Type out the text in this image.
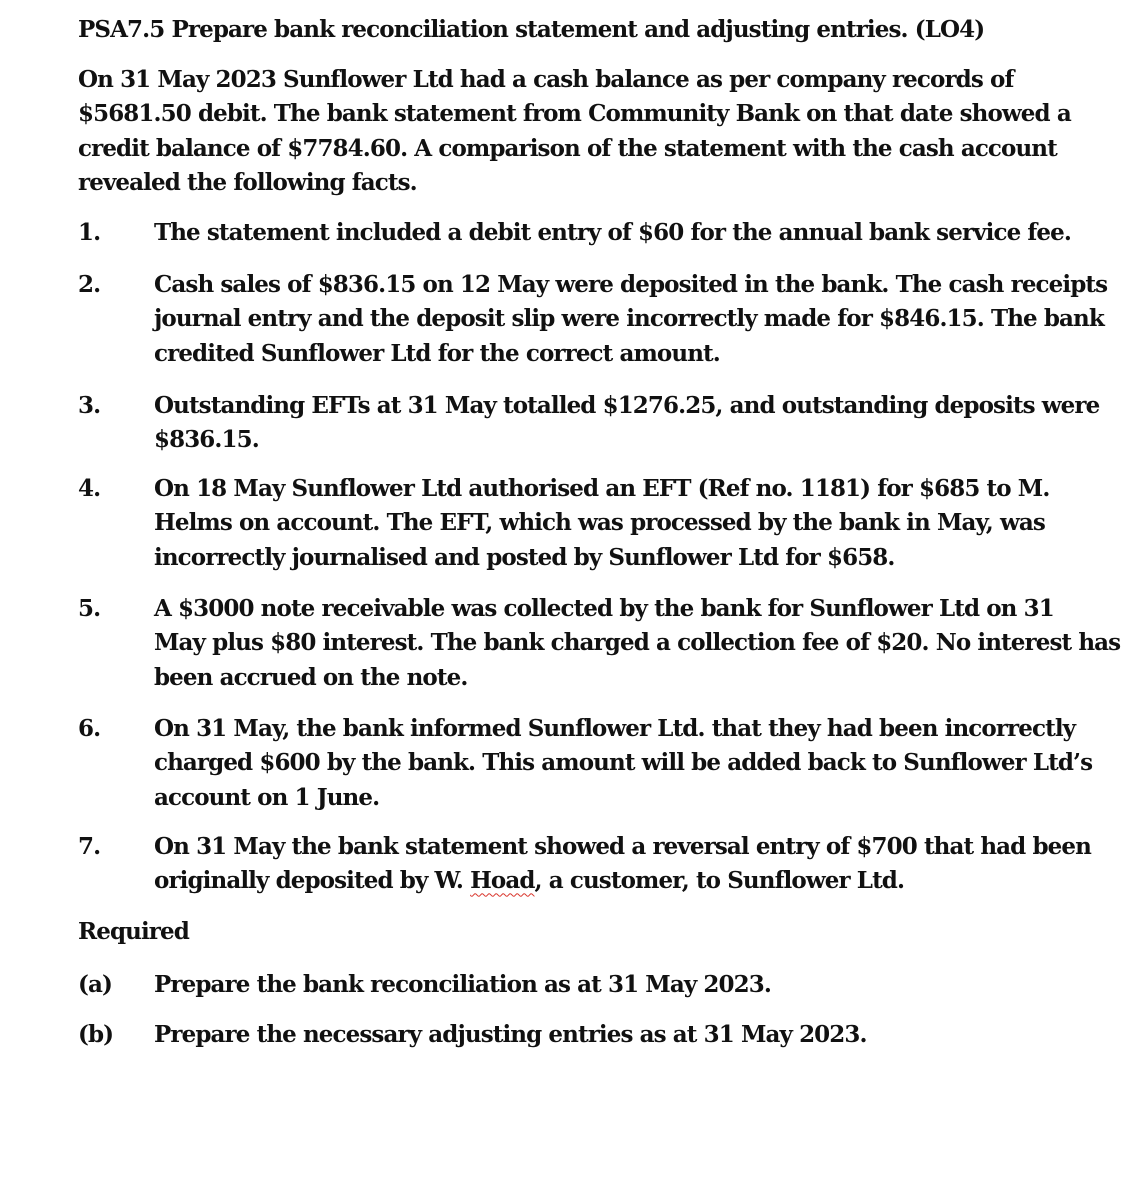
PSA7.5 Prepare bank reconciliation statement and adjusting entries. (LO4)
On 31 May 2023 Sunflower Ltd had a cash balance as per company records of
$5681.50 debit. The bank statement from Community Bank on that date showed a
credit balance of $7784.60. A comparison of the statement with the cash account
revealed the following facts.
1. The statement included a debit entry of $60 for the annual bank service fee.
2. Cash sales of $836.15 on 12 May were deposited in the bank. The cash receipts
journal entry and the deposit slip were incorrectly made for $846.15. The bank
credited Sunflower Ltd for the correct amount.
3. Outstanding EFTs at 31 May totalled $1276.25, and outstanding deposits were
$836.15.
4. On 18 May Sunflower Ltd authorised an EFT (Ref no. 1181) for $685 to M.
Helms on account. The EFT, which was processed by the bank in May, was
incorrectly journalised and posted by Sunflower Ltd for $658.
5. A $3000 note receivable was collected by the bank for Sunflower Ltd on 31
May plus $80 interest. The bank charged a collection fee of $20. No interest has
been accrued on the note.
6. On 31 May, the bank informed Sunflower Ltd. that they had been incorrectly
charged $600 by the bank. This amount will be added back to Sunflower Ltd’s
account on 1 June.
7. On 31 May the bank statement showed a reversal entry of $700 that had been
originally deposited by W. Hoad, a customer, to Sunflower Ltd.
Required
(a) Prepare the bank reconciliation as at 31 May 2023.
(b) Prepare the necessary adjusting entries as at 31 May 2023.
